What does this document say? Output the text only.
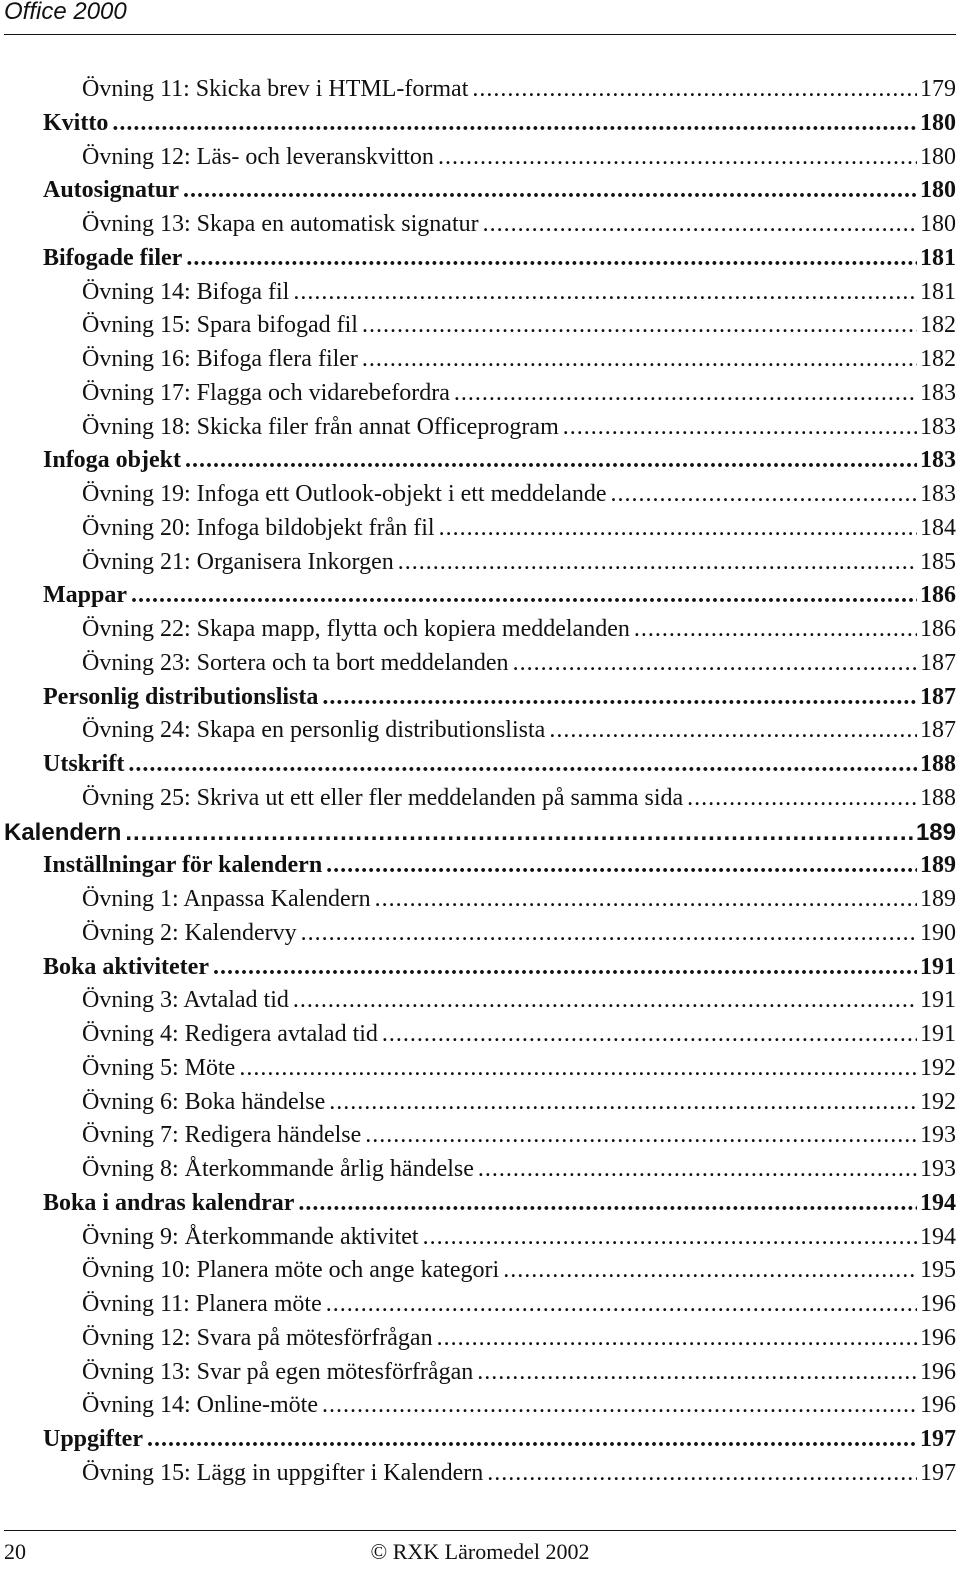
Office 2000
Övning 11: Skicka brev i HTML-format .....	179
Kvitto .....	180
Övning 12: Läs- och leveranskvitton .....	180
Autosignatur .....	180
Övning 13: Skapa en automatisk signatur .....	180
Bifogade filer .....	181
Övning 14: Bifoga fil .....	181
Övning 15: Spara bifogad fil .....	182
Övning 16: Bifoga flera filer .....	182
Övning 17: Flagga och vidarebefordra .....	183
Övning 18: Skicka filer från annat Officeprogram .....	183
Infoga objekt .....	183
Övning 19: Infoga ett Outlook-objekt i ett meddelande .....	183
Övning 20: Infoga bildobjekt från fil .....	184
Övning 21: Organisera Inkorgen .....	185
Mappar .....	186
Övning 22: Skapa mapp, flytta och kopiera meddelanden .....	186
Övning 23: Sortera och ta bort meddelanden .....	187
Personlig distributionslista .....	187
Övning 24: Skapa en personlig distributionslista .....	187
Utskrift .....	188
Övning 25: Skriva ut ett eller fler meddelanden på samma sida .....	188
Kalendern .....	189
Inställningar för kalendern .....	189
Övning 1: Anpassa Kalendern .....	189
Övning 2: Kalendervy .....	190
Boka aktiviteter .....	191
Övning 3: Avtalad tid .....	191
Övning 4: Redigera avtalad tid .....	191
Övning 5: Möte .....	192
Övning 6: Boka händelse .....	192
Övning 7: Redigera händelse .....	193
Övning 8: Återkommande årlig händelse .....	193
Boka i andras kalendrar .....	194
Övning 9: Återkommande aktivitet .....	194
Övning 10: Planera möte och ange kategori .....	195
Övning 11: Planera möte .....	196
Övning 12: Svara på mötesförfrågan .....	196
Övning 13: Svar på egen mötesförfrågan .....	196
Övning 14: Online-möte .....	196
Uppgifter .....	197
Övning 15: Lägg in uppgifter i Kalendern .....	197
20	© RXK Läromedel 2002
